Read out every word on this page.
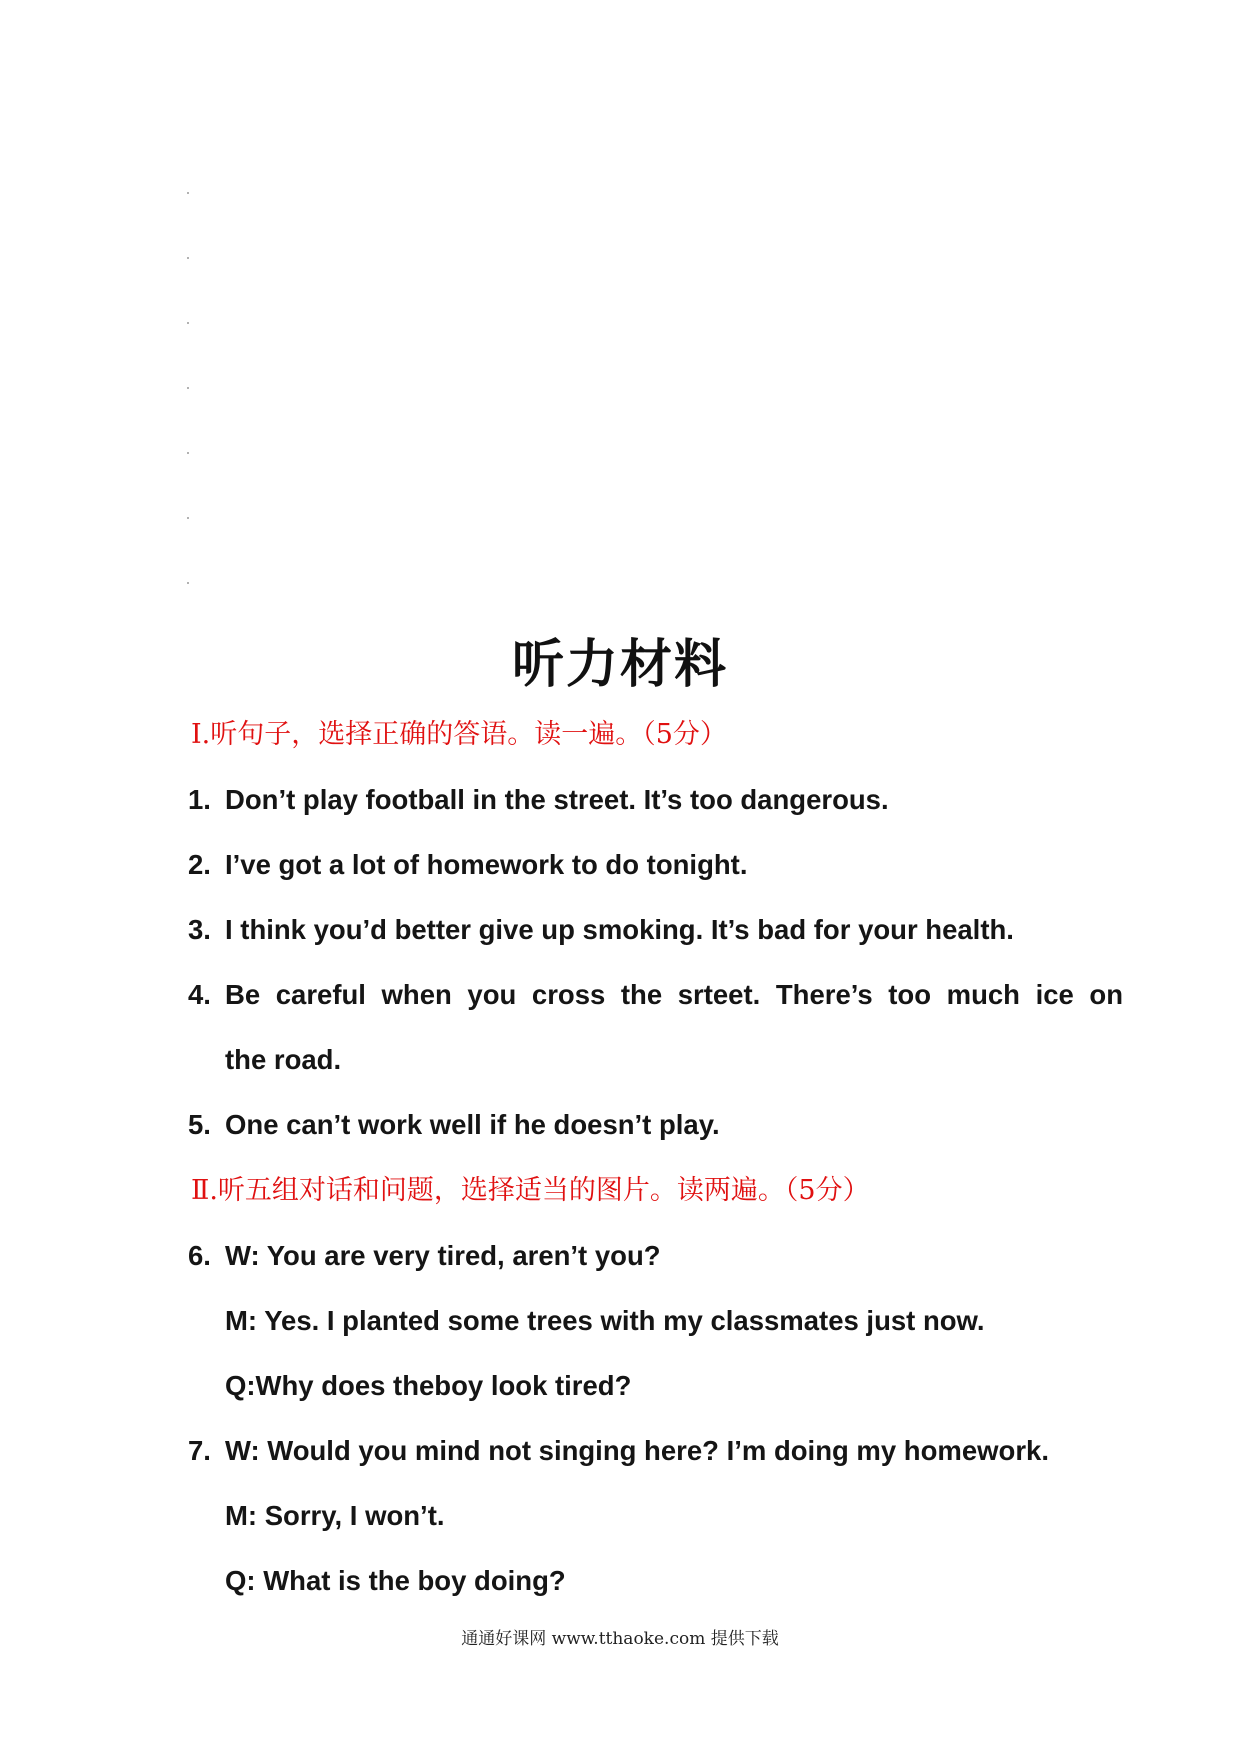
听力材料
Ⅰ.听句子，选择正确的答语。读一遍。（5分）
1. Don’t play football in the street. It’s too dangerous.
2. I’ve got a lot of homework to do tonight.
3. I think you’d better give up smoking. It’s bad for your health.
4. Be careful when you cross the srteet. There’s too much ice on
the road.
5. One can’t work well if he doesn’t play.
Ⅱ.听五组对话和问题，选择适当的图片。读两遍。（5分）
6. W: You are very tired, aren’t you?
M: Yes. I planted some trees with my classmates just now.
Q:Why does theboy look tired?
7. W: Would you mind not singing here? I’m doing my homework.
M: Sorry, I won’t.
Q: What is the boy doing?
通通好课网 www.tthaoke.com 提供下载
